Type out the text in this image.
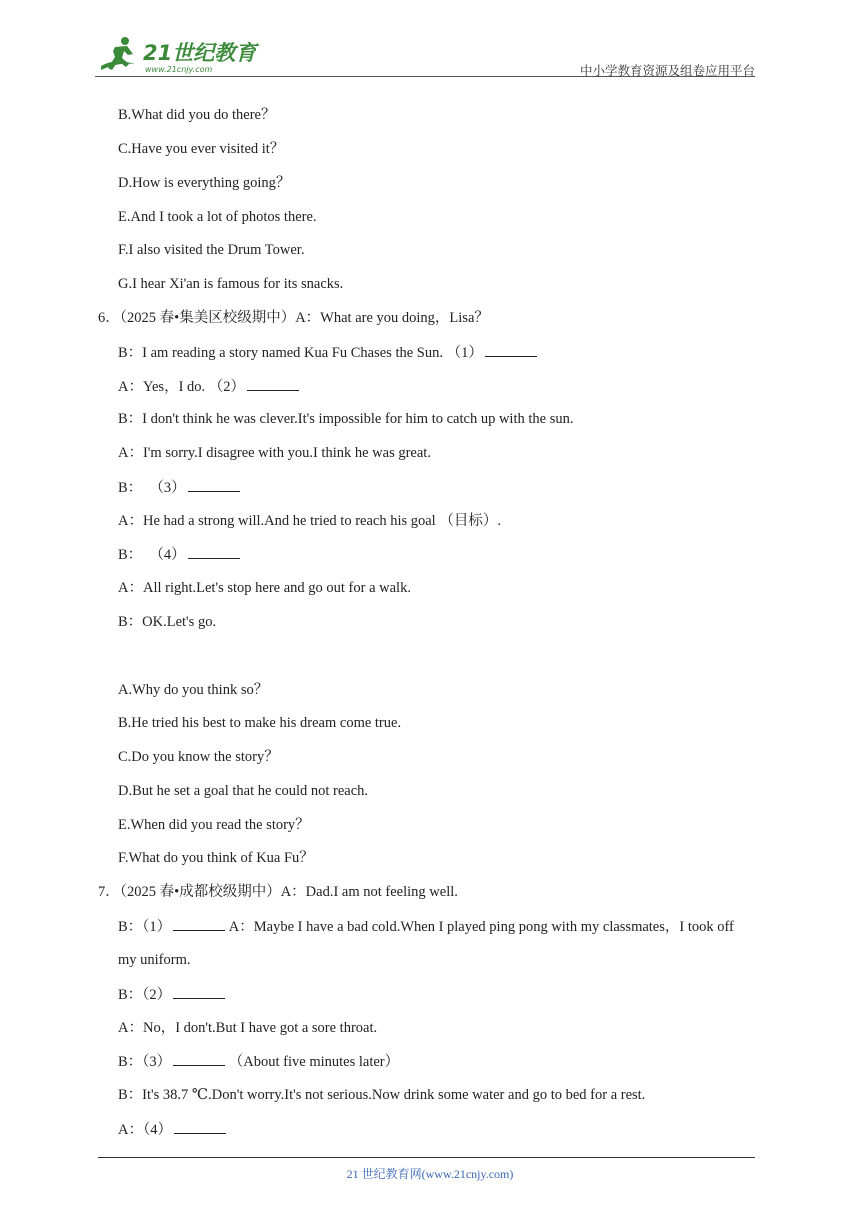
21世纪教育
www.21cnjy.com	中小学教育资源及组卷应用平台
B.What did you do there？
C.Have you ever visited it？
D.How is everything going？
E.And I took a lot of photos there.
F.I also visited the Drum Tower.
G.I hear Xi'an is famous for its snacks.
6．（2025 春•集美区校级期中）A：What are you doing，Lisa？
B：I am reading a story named Kua Fu Chases the Sun. （1）
A：Yes，I do. （2）
B：I don't think he was clever.It's impossible for him to catch up with the sun.
A：I'm sorry.I disagree with you.I think he was great.
B：  （3）
A：He had a strong will.And he tried to reach his goal （目标）.
B：  （4）
A：All right.Let's stop here and go out for a walk.
B：OK.Let's go.
A.Why do you think so？
B.He tried his best to make his dream come true.
C.Do you know the story？
D.But he set a goal that he could not reach.
E.When did you read the story？
F.What do you think of Kua Fu？
7．（2025 春•成都校级期中）A：Dad.I am not feeling well.
B：（1）	A：Maybe I have a bad cold.When I played ping pong with my classmates，I took off
my uniform.
B：（2）
A：No，I don't.But I have got a sore throat.
B：（3）	（About five minutes later）
B：It's 38.7 ℃.Don't worry.It's not serious.Now drink some water and go to bed for a rest.
A：（4）
21 世纪教育网(www.21cnjy.com)
